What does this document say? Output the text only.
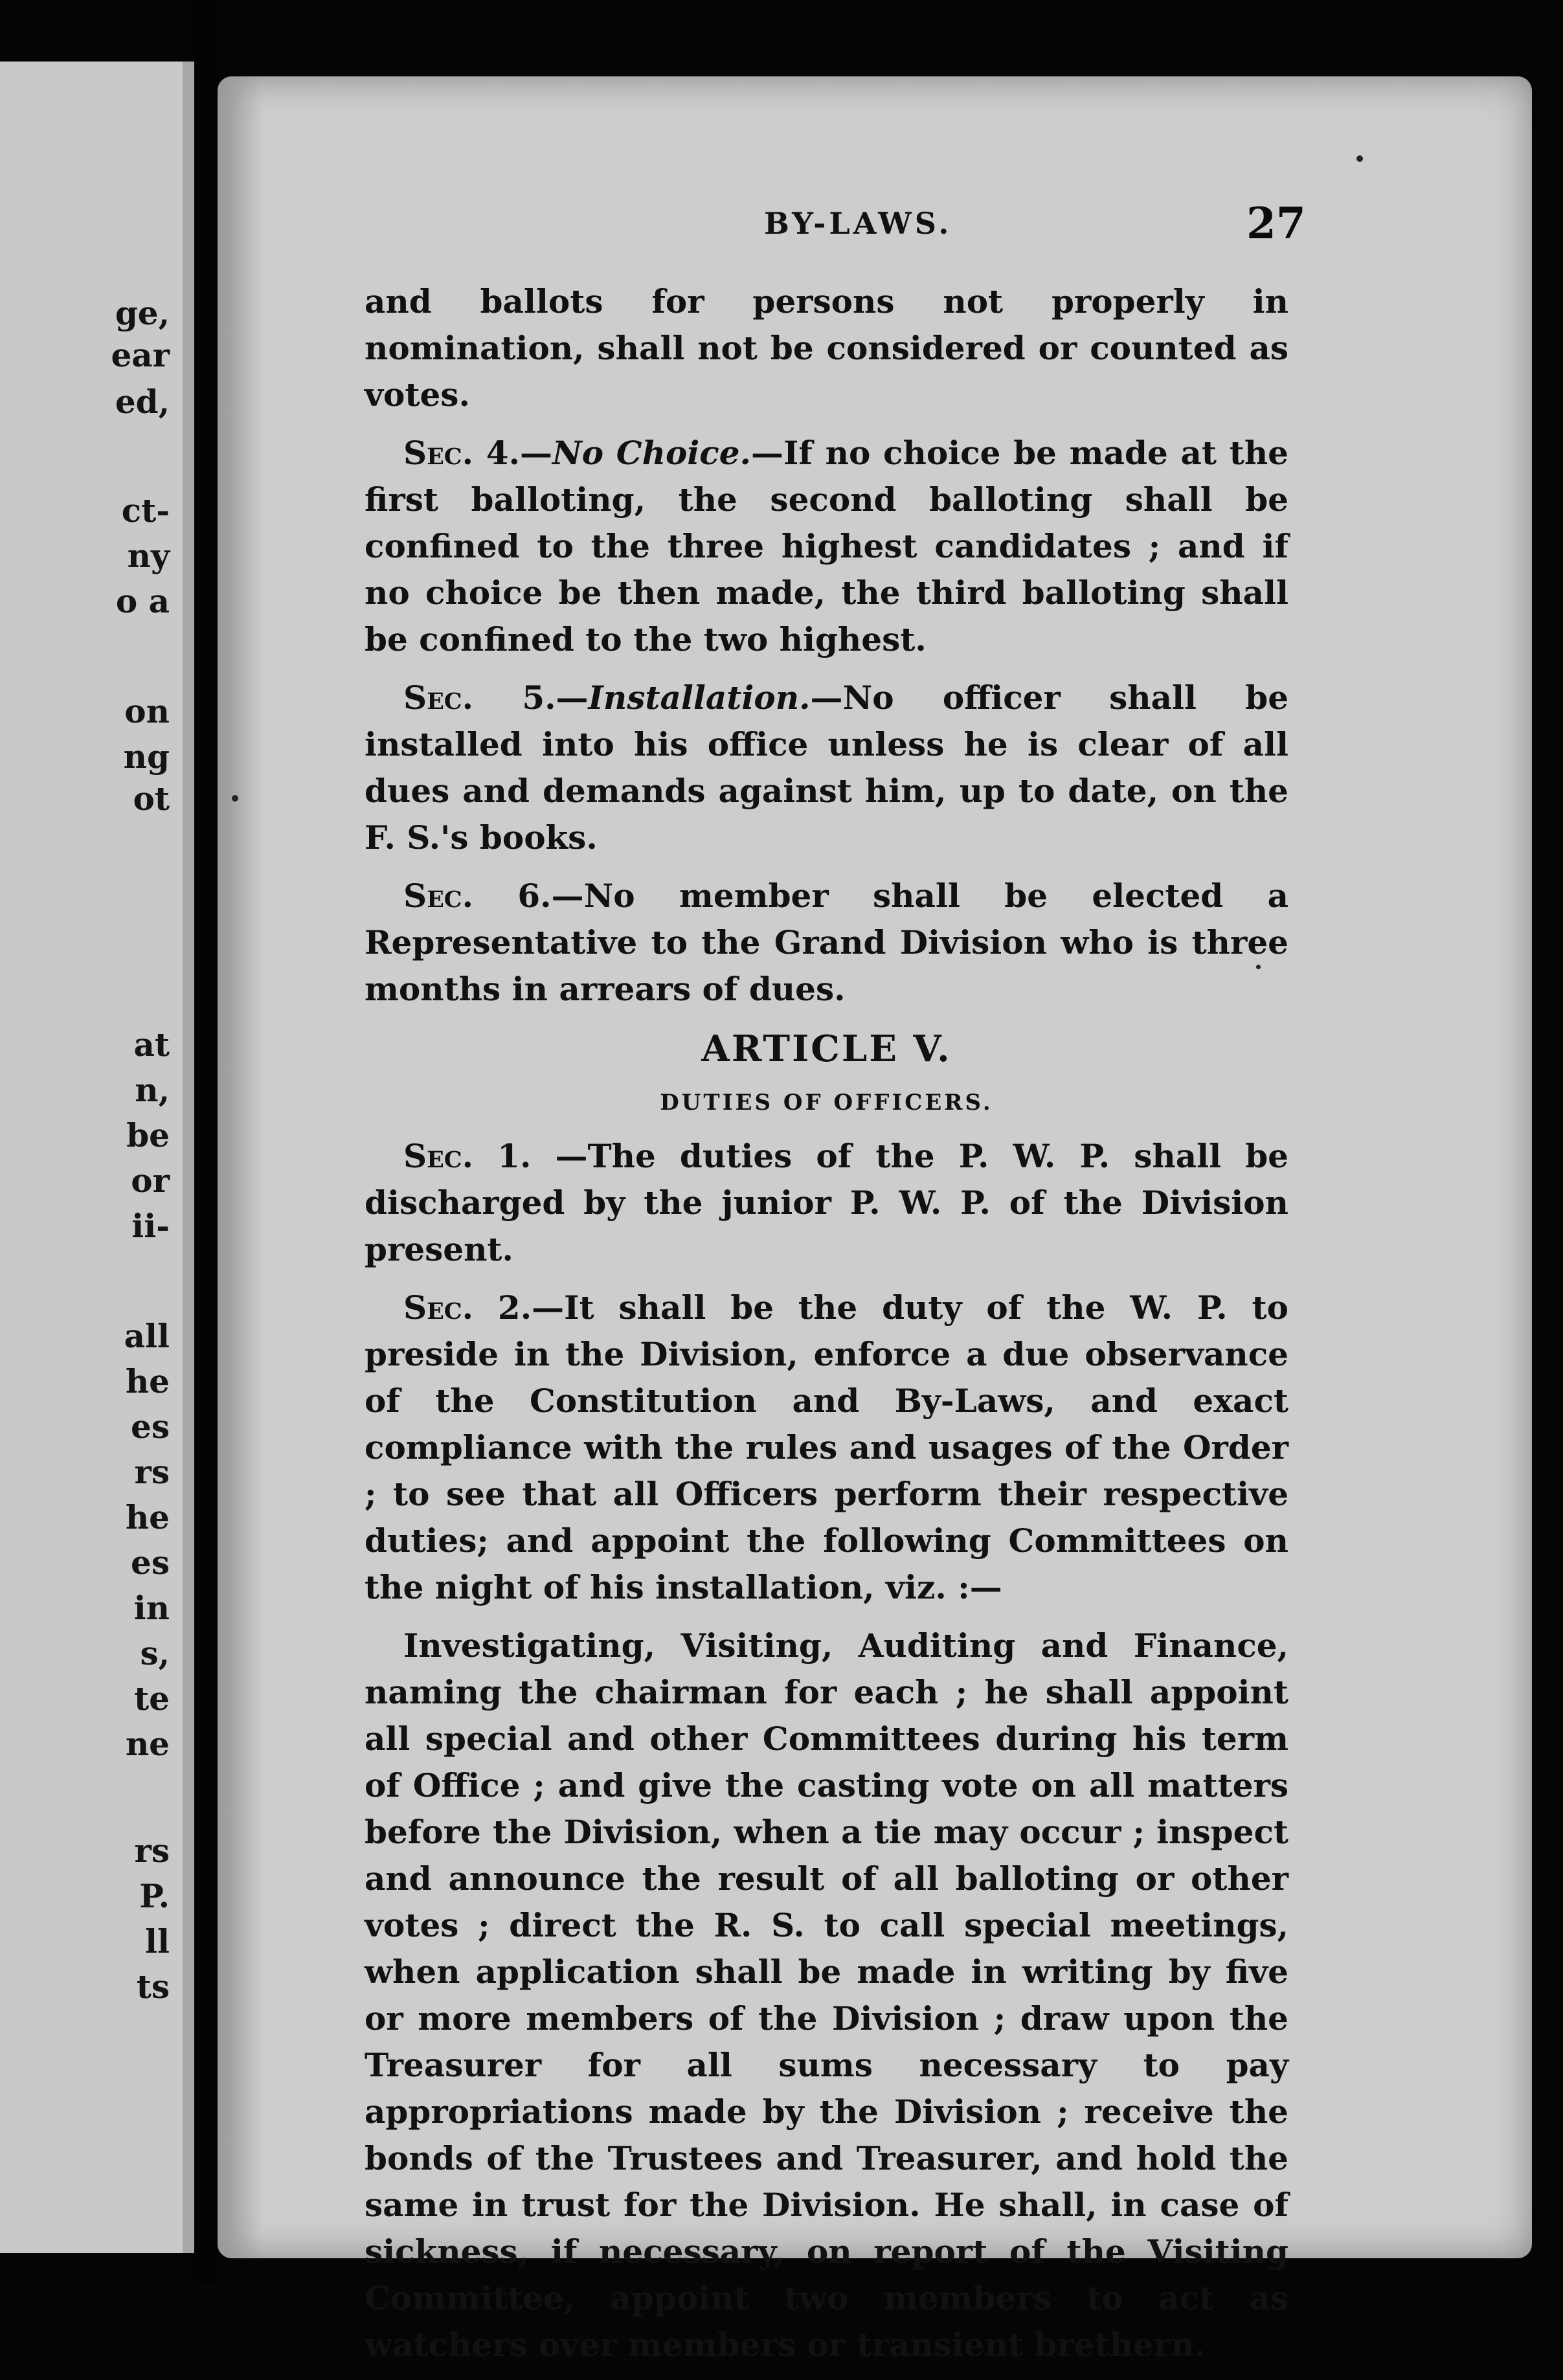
ge,
ear
ed,
ct-
ny
o a
on
ng
ot
at
n,
be
or
ii-
all
he
es
rs
he
es
in
s,
te
ne
rs
P.
ll
ts
BY-LAWS.	27

and ballots for persons not properly in nomination, shall not be considered or counted as votes.

Sec. 4.—No Choice.—If no choice be made at the first balloting, the second balloting shall be confined to the three highest candidates ; and if no choice be then made, the third balloting shall be confined to the two highest.

Sec. 5.—Installation.—No officer shall be installed into his office unless he is clear of all dues and demands against him, up to date, on the F. S.'s books.

Sec. 6.—No member shall be elected a Representative to the Grand Division who is three months in arrears of dues.

ARTICLE V.
DUTIES OF OFFICERS.

Sec. 1. —The duties of the P. W. P. shall be discharged by the junior P. W. P. of the Division present.

Sec. 2.—It shall be the duty of the W. P. to preside in the Division, enforce a due observance of the Constitution and By-Laws, and exact compliance with the rules and usages of the Order ; to see that all Officers perform their respective duties; and appoint the following Committees on the night of his installation, viz. :—

Investigating, Visiting, Auditing and Finance, naming the chairman for each ; he shall appoint all special and other Committees during his term of Office ; and give the casting vote on all matters before the Division, when a tie may occur ; inspect and announce the result of all balloting or other votes ; direct the R. S. to call special meetings, when application shall be made in writing by five or more members of the Division ; draw upon the Treasurer for all sums necessary to pay appropriations made by the Division ; receive the bonds of the Trustees and Treasurer, and hold the same in trust for the Division. He shall, in case of sickness, if necessary, on report of the Visiting Committee, appoint two members to act as watchers over members or transient brethern.
